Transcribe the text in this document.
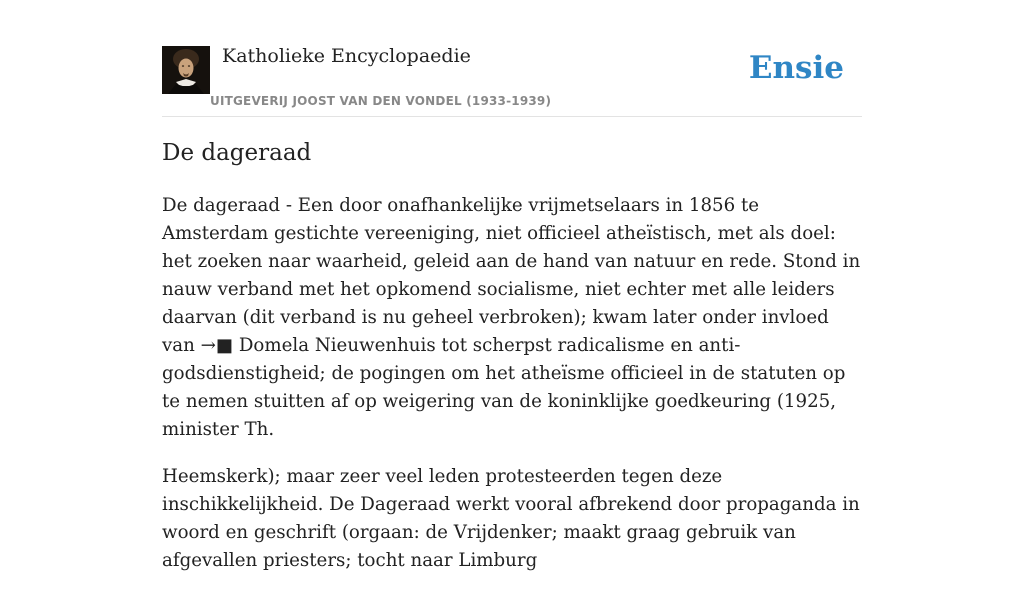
Katholieke Encyclopaedie
UITGEVERIJ JOOST VAN DEN VONDEL (1933-1939)
Ensie
De dageraad

De dageraad - Een door onafhankelijke vrijmetselaars in 1856 te Amsterdam gestichte vereeniging, niet officieel atheïstisch, met als doel: het zoeken naar waarheid, geleid aan de hand van natuur en rede. Stond in nauw verband met het opkomend socialisme, niet echter met alle leiders daarvan (dit verband is nu geheel verbroken); kwam later onder invloed van →■ Domela Nieuwenhuis tot scherpst radicalisme en anti-godsdienstigheid; de pogingen om het atheïsme officieel in de statuten op te nemen stuitten af op weigering van de koninklijke goedkeuring (1925, minister Th.

Heemskerk); maar zeer veel leden protesteerden tegen deze inschikkelijkheid. De Dageraad werkt vooral afbrekend door propaganda in woord en geschrift (orgaan: de Vrijdenker; maakt graag gebruik van afgevallen priesters; tocht naar Limburg
